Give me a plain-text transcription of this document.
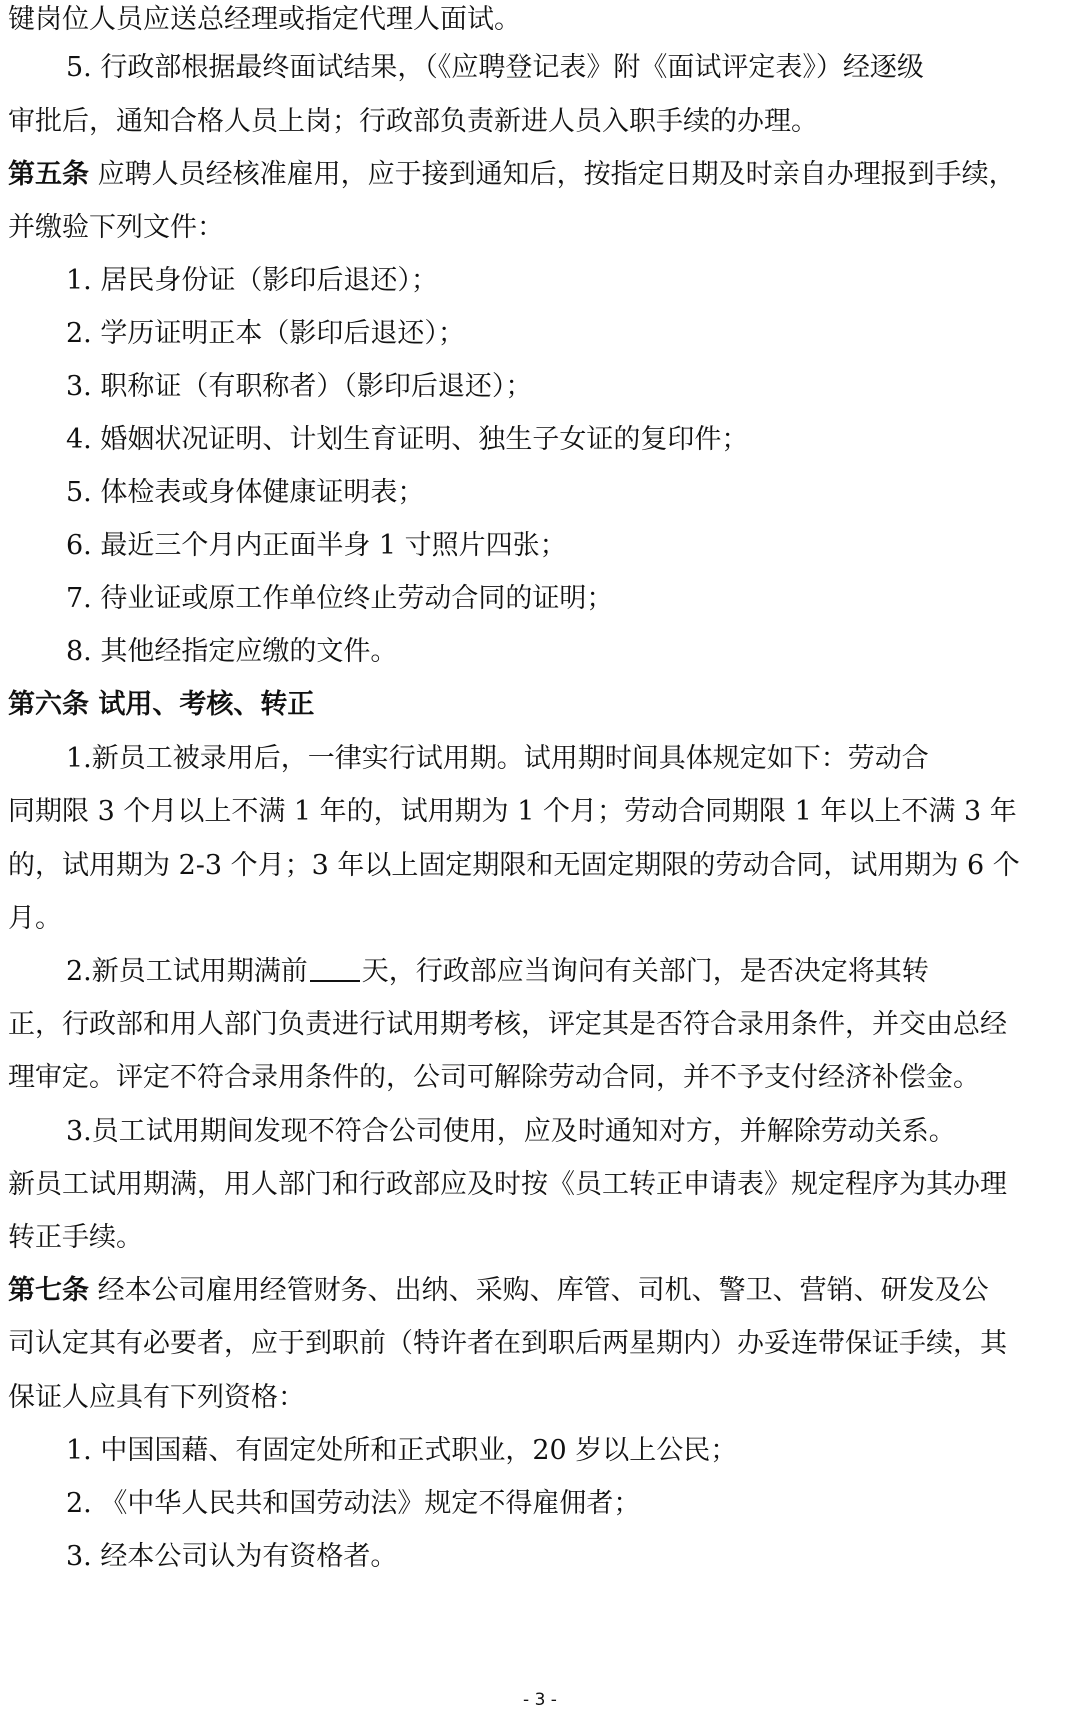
键岗位人员应送总经理或指定代理人面试。
5. 行政部根据最终面试结果，（《应聘登记表》附《面试评定表》）经逐级
审批后，通知合格人员上岗；行政部负责新进人员入职手续的办理。
第五条 应聘人员经核准雇用，应于接到通知后，按指定日期及时亲自办理报到手续，
并缴验下列文件：
1. 居民身份证（影印后退还）；
2. 学历证明正本（影印后退还）；
3. 职称证（有职称者）（影印后退还）；
4. 婚姻状况证明、计划生育证明、独生子女证的复印件；
5. 体检表或身体健康证明表；
6. 最近三个月内正面半身 1 寸照片四张；
7. 待业证或原工作单位终止劳动合同的证明；
8. 其他经指定应缴的文件。
第六条 试用、考核、转正
1.新员工被录用后，一律实行试用期。试用期时间具体规定如下：劳动合
同期限 3 个月以上不满 1 年的，试用期为 1 个月；劳动合同期限 1 年以上不满 3 年
的，试用期为 2-3 个月；3 年以上固定期限和无固定期限的劳动合同，试用期为 6 个
月。
2.新员工试用期满前 天，行政部应当询问有关部门，是否决定将其转
正，行政部和用人部门负责进行试用期考核，评定其是否符合录用条件，并交由总经
理审定。评定不符合录用条件的，公司可解除劳动合同，并不予支付经济补偿金。
3.员工试用期间发现不符合公司使用，应及时通知对方，并解除劳动关系。
新员工试用期满，用人部门和行政部应及时按《员工转正申请表》规定程序为其办理
转正手续。
第七条 经本公司雇用经管财务、出纳、采购、库管、司机、警卫、营销、研发及公
司认定其有必要者，应于到职前（特许者在到职后两星期内）办妥连带保证手续，其
保证人应具有下列资格：
1. 中国国藉、有固定处所和正式职业，20 岁以上公民；
2. 《中华人民共和国劳动法》规定不得雇佣者；
3. 经本公司认为有资格者。
- 3 -
